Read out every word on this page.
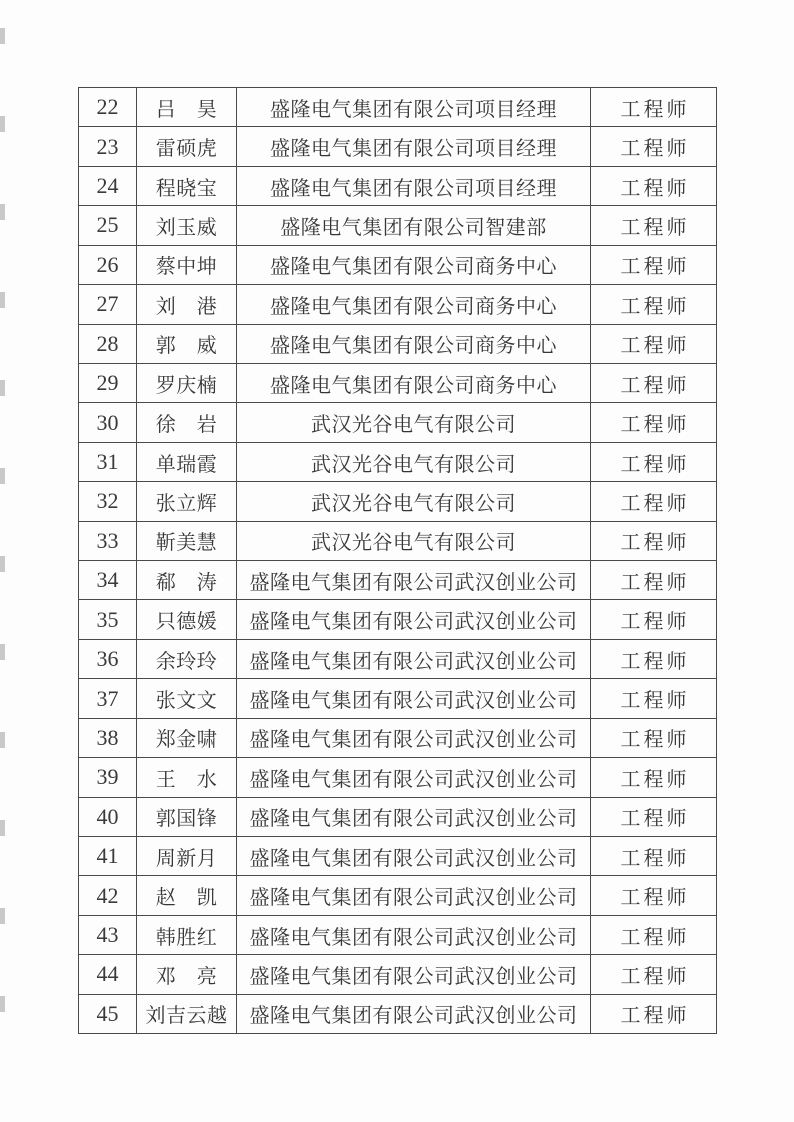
22	吕　昊	盛隆电气集团有限公司项目经理	工程师
23	雷硕虎	盛隆电气集团有限公司项目经理	工程师
24	程晓宝	盛隆电气集团有限公司项目经理	工程师
25	刘玉威	盛隆电气集团有限公司智建部	工程师
26	蔡中坤	盛隆电气集团有限公司商务中心	工程师
27	刘　港	盛隆电气集团有限公司商务中心	工程师
28	郭　威	盛隆电气集团有限公司商务中心	工程师
29	罗庆楠	盛隆电气集团有限公司商务中心	工程师
30	徐　岩	武汉光谷电气有限公司	工程师
31	单瑞霞	武汉光谷电气有限公司	工程师
32	张立辉	武汉光谷电气有限公司	工程师
33	靳美慧	武汉光谷电气有限公司	工程师
34	郗　涛	盛隆电气集团有限公司武汉创业公司	工程师
35	只德媛	盛隆电气集团有限公司武汉创业公司	工程师
36	余玲玲	盛隆电气集团有限公司武汉创业公司	工程师
37	张文文	盛隆电气集团有限公司武汉创业公司	工程师
38	郑金啸	盛隆电气集团有限公司武汉创业公司	工程师
39	王　水	盛隆电气集团有限公司武汉创业公司	工程师
40	郭国锋	盛隆电气集团有限公司武汉创业公司	工程师
41	周新月	盛隆电气集团有限公司武汉创业公司	工程师
42	赵　凯	盛隆电气集团有限公司武汉创业公司	工程师
43	韩胜红	盛隆电气集团有限公司武汉创业公司	工程师
44	邓　亮	盛隆电气集团有限公司武汉创业公司	工程师
45	刘吉云越	盛隆电气集团有限公司武汉创业公司	工程师
